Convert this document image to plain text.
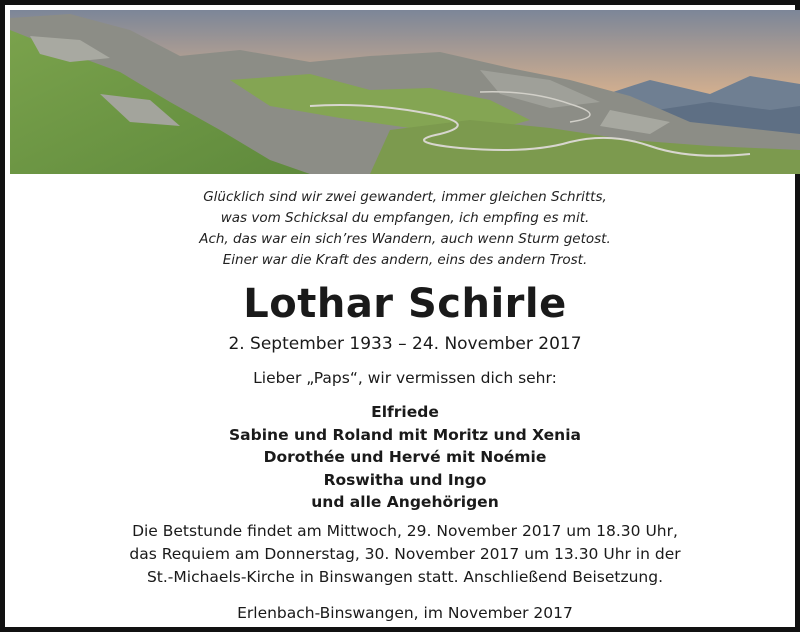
Glücklich sind wir zwei gewandert, immer gleichen Schritts,
was vom Schicksal du empfangen, ich empfing es mit.
Ach, das war ein sich’res Wandern, auch wenn Sturm getost.
Einer war die Kraft des andern, eins des andern Trost.
Lothar Schirle
2. September 1933 – 24. November 2017
Lieber „Paps“, wir vermissen dich sehr:
Elfriede
Sabine und Roland mit Moritz und Xenia
Dorothée und Hervé mit Noémie
Roswitha und Ingo
und alle Angehörigen
Die Betstunde findet am Mittwoch, 29. November 2017 um 18.30 Uhr,
das Requiem am Donnerstag, 30. November 2017 um 13.30 Uhr in der
St.-Michaels-Kirche in Binswangen statt. Anschließend Beisetzung.
Erlenbach-Binswangen, im November 2017
